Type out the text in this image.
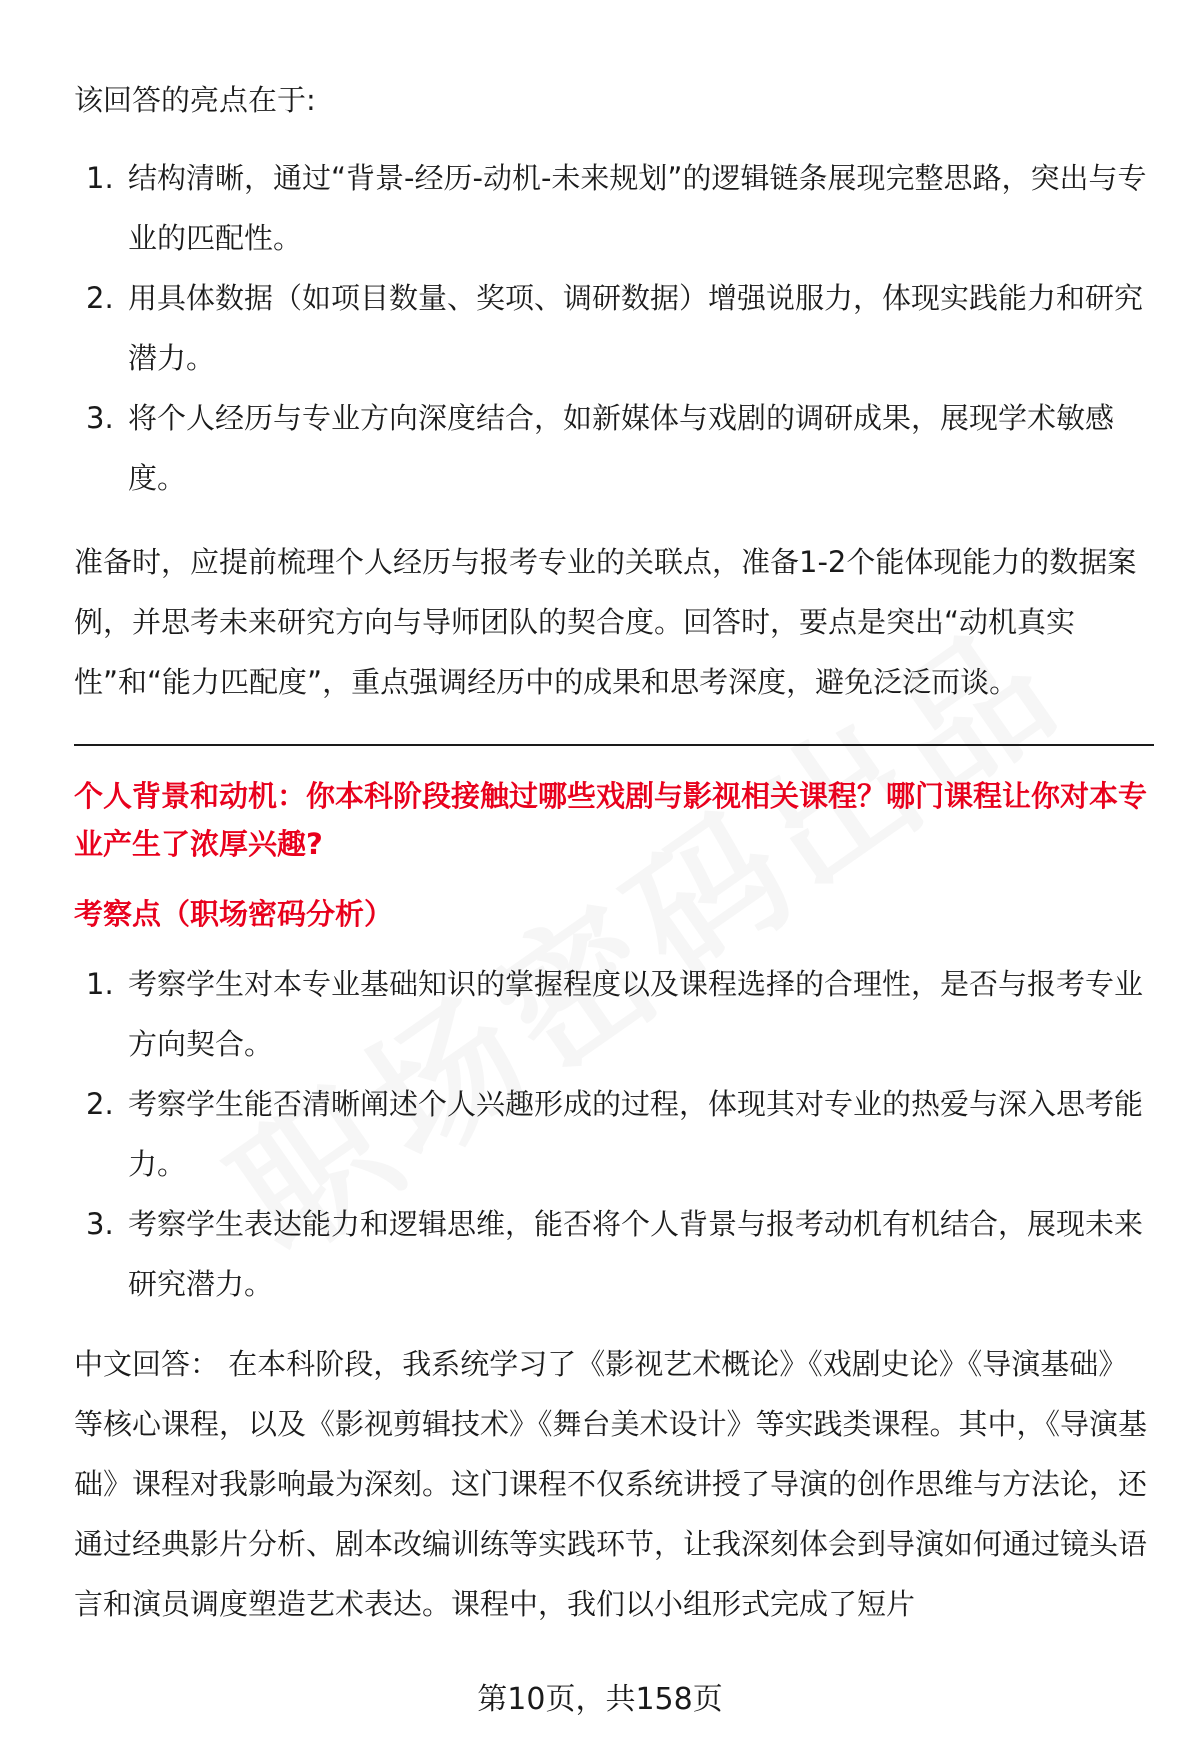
该回答的亮点在于:

1. 结构清晰，通过“背景-经历-动机-未来规划”的逻辑链条展现完整思路，突出与专业的匹配性。
2. 用具体数据（如项目数量、奖项、调研数据）增强说服力，体现实践能力和研究潜力。
3. 将个人经历与专业方向深度结合，如新媒体与戏剧的调研成果，展现学术敏感度。

准备时，应提前梳理个人经历与报考专业的关联点，准备1-2个能体现能力的数据案例，并思考未来研究方向与导师团队的契合度。回答时，要点是突出“动机真实性”和“能力匹配度”，重点强调经历中的成果和思考深度，避免泛泛而谈。

个人背景和动机：你本科阶段接触过哪些戏剧与影视相关课程？哪门课程让你对本专业产生了浓厚兴趣?
考察点（职场密码分析）
1. 考察学生对本专业基础知识的掌握程度以及课程选择的合理性，是否与报考专业方向契合。
2. 考察学生能否清晰阐述个人兴趣形成的过程，体现其对专业的热爱与深入思考能力。
3. 考察学生表达能力和逻辑思维，能否将个人背景与报考动机有机结合，展现未来研究潜力。

中文回答： 在本科阶段，我系统学习了《影视艺术概论》《戏剧史论》《导演基础》等核心课程，以及《影视剪辑技术》《舞台美术设计》等实践类课程。其中，《导演基础》课程对我影响最为深刻。这门课程不仅系统讲授了导演的创作思维与方法论，还通过经典影片分析、剧本改编训练等实践环节，让我深刻体会到导演如何通过镜头语言和演员调度塑造艺术表达。课程中，我们以小组形式完成了短片

第10页，共158页
